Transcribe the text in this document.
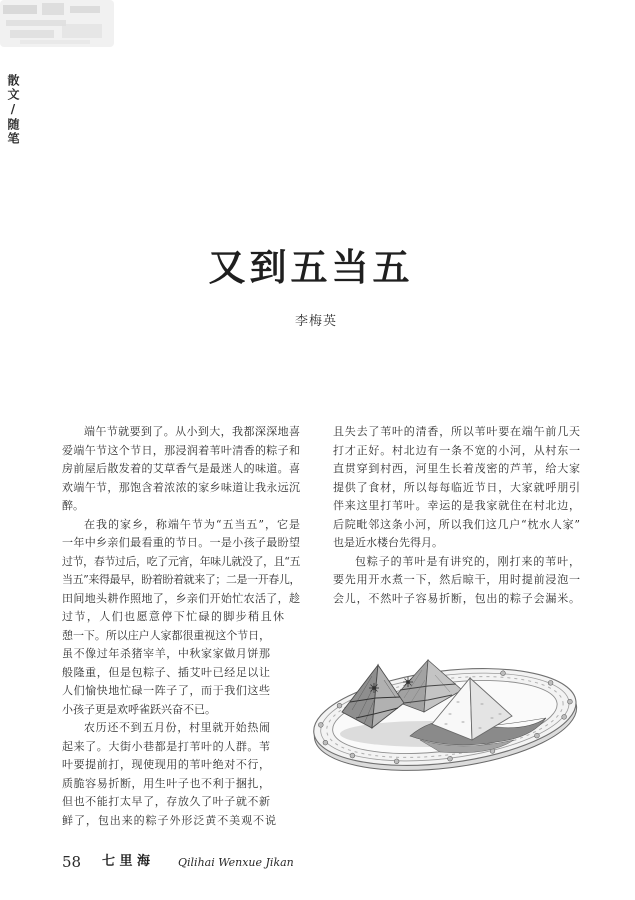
散文/随笔
又到五当五
李梅英
端午节就要到了。从小到大，我都深深地喜
爱端午节这个节日，那浸润着苇叶清香的粽子和
房前屋后散发着的艾草香气是最迷人的味道。喜
欢端午节，那饱含着浓浓的家乡味道让我永远沉
醉。
在我的家乡，称端午节为“五当五”，它是
一年中乡亲们最看重的节日。一是小孩子最盼望
过节，春节过后，吃了元宵，年味儿就没了，且“五
当五”来得最早，盼着盼着就来了；二是一开春儿，
田间地头耕作照地了，乡亲们开始忙农活了，趁
过节，人们也愿意停下忙碌的脚步稍且休
憩一下。所以庄户人家都很重视这个节日，
虽不像过年杀猪宰羊，中秋家家做月饼那
般隆重，但是包粽子、插艾叶已经足以让
人们愉快地忙碌一阵子了，而于我们这些
小孩子更是欢呼雀跃兴奋不已。
农历还不到五月份，村里就开始热闹
起来了。大街小巷都是打苇叶的人群。苇
叶要提前打，现使现用的苇叶绝对不行，
质脆容易折断，用生叶子也不利于捆扎，
但也不能打太早了，存放久了叶子就不新
鲜了，包出来的粽子外形泛黄不美观不说
且失去了苇叶的清香，所以苇叶要在端午前几天
打才正好。村北边有一条不宽的小河，从村东一
直贯穿到村西，河里生长着茂密的芦苇，给大家
提供了食材，所以每每临近节日，大家就呼朋引
伴来这里打苇叶。幸运的是我家就住在村北边，
后院毗邻这条小河，所以我们这几户“枕水人家”
也是近水楼台先得月。
包粽子的苇叶是有讲究的，刚打来的苇叶，
要先用开水煮一下，然后晾干，用时提前浸泡一
会儿，不然叶子容易折断，包出的粽子会漏米。
58 七 里 海	Qilihai Wenxue Jikan
